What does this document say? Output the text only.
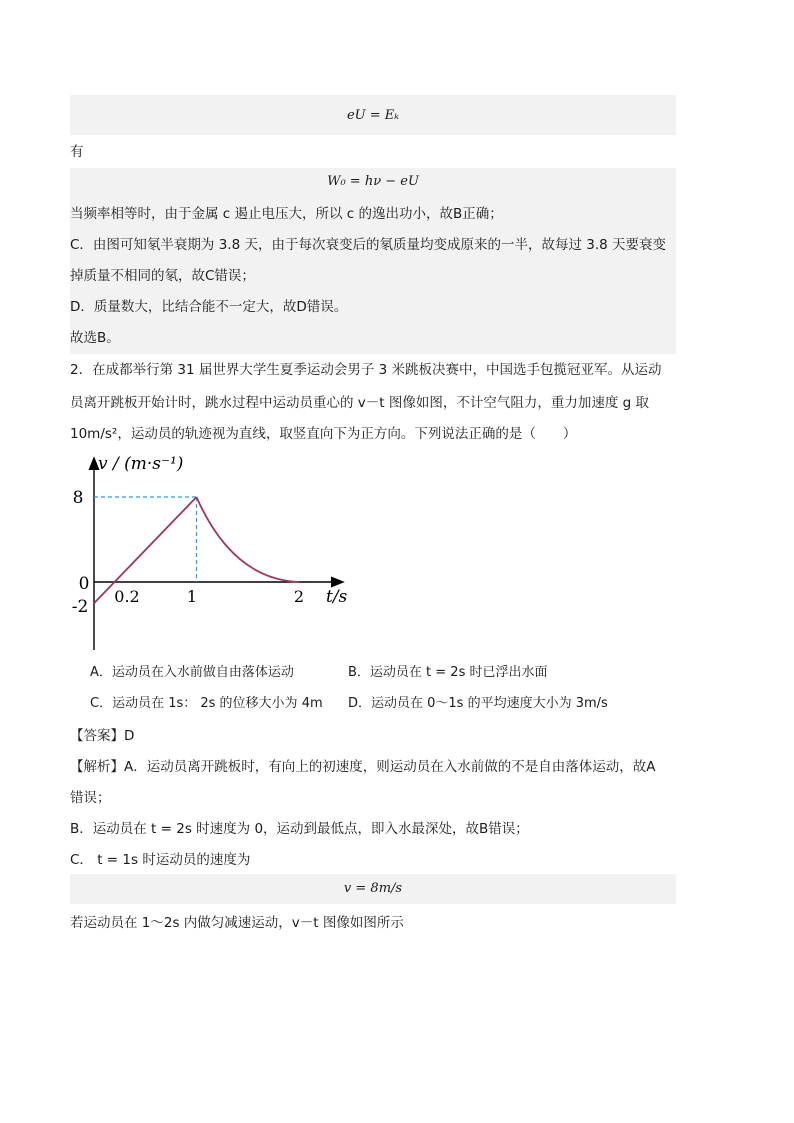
eU = Eₖ
有
W₀ = hν − eU
当频率相等时，由于金属 c 遏止电压大，所以 c 的逸出功小，故B正确；
C．由图可知氡半衰期为 3.8 天，由于每次衰变后的氡质量均变成原来的一半，故每过 3.8 天要衰变
掉质量不相同的氡，故C错误；
D．质量数大，比结合能不一定大，故D错误。
故选B。
2．在成都举行第 31 届世界大学生夏季运动会男子 3 米跳板决赛中，中国选手包揽冠亚军。从运动
员离开跳板开始计时，跳水过程中运动员重心的 v－t 图像如图，不计空气阻力，重力加速度 g 取
10m/s²，运动员的轨迹视为直线，取竖直向下为正方向。下列说法正确的是（　　）
v / (m·s⁻¹)
8
0
-2
0.2	1	2 t/s
A．运动员在入水前做自由落体运动	B．运动员在 t = 2s 时已浮出水面
C．运动员在 1s： 2s 的位移大小为 4m D．运动员在 0～1s 的平均速度大小为 3m/s
【答案】D
【解析】A．运动员离开跳板时，有向上的初速度，则运动员在入水前做的不是自由落体运动，故A
错误；
B．运动员在 t = 2s 时速度为 0，运动到最低点，即入水最深处，故B错误；
C． t = 1s 时运动员的速度为
v = 8m/s
若运动员在 1～2s 内做匀减速运动，v－t 图像如图所示
